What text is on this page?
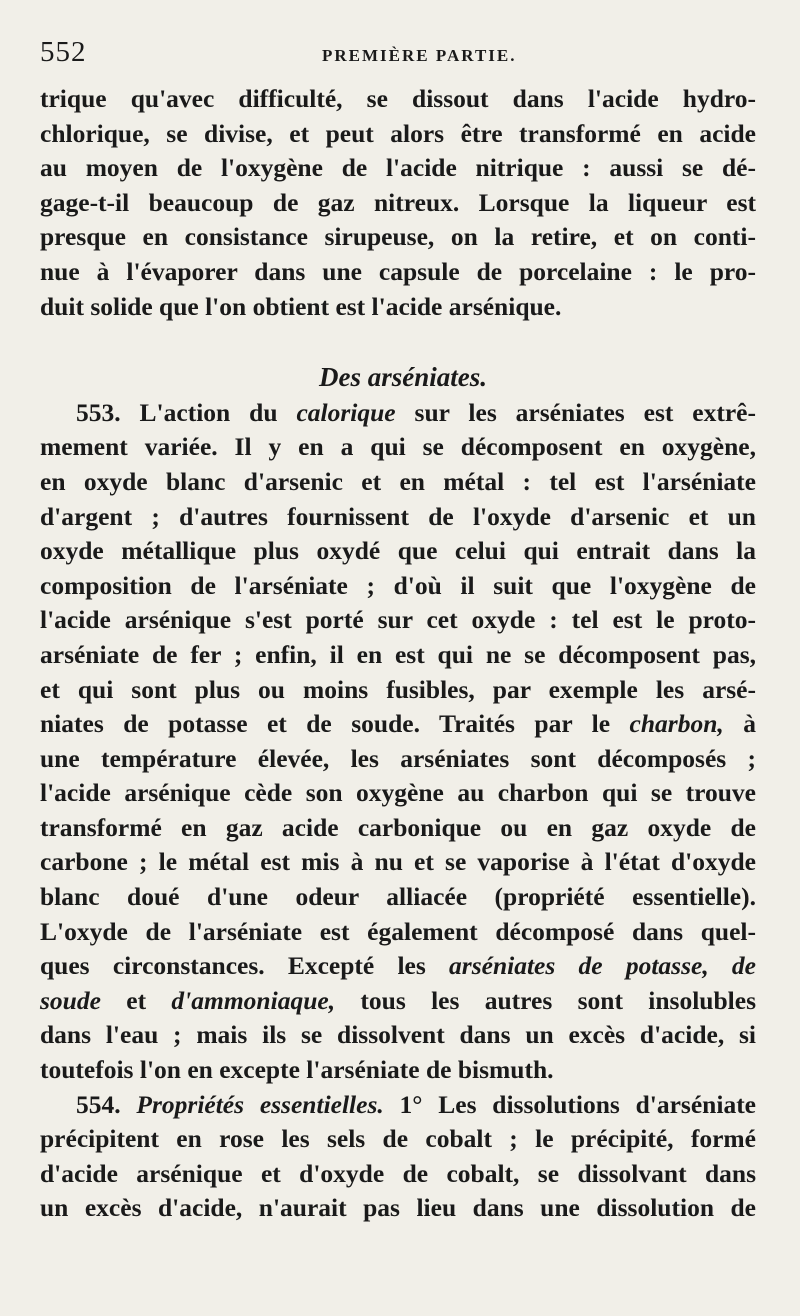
552	PREMIÈRE PARTIE.
trique qu'avec difficulté, se dissout dans l'acide hydro-
chlorique, se divise, et peut alors être transformé en acide
au moyen de l'oxygène de l'acide nitrique : aussi se dé-
gage-t-il beaucoup de gaz nitreux. Lorsque la liqueur est
presque en consistance sirupeuse, on la retire, et on conti-
nue à l'évaporer dans une capsule de porcelaine : le pro-
duit solide que l'on obtient est l'acide arsénique.
Des arséniates.
553. L'action du calorique sur les arséniates est extrê-
mement variée. Il y en a qui se décomposent en oxygène,
en oxyde blanc d'arsenic et en métal : tel est l'arséniate
d'argent ; d'autres fournissent de l'oxyde d'arsenic et un
oxyde métallique plus oxydé que celui qui entrait dans la
composition de l'arséniate ; d'où il suit que l'oxygène de
l'acide arsénique s'est porté sur cet oxyde : tel est le proto-
arséniate de fer ; enfin, il en est qui ne se décomposent pas,
et qui sont plus ou moins fusibles, par exemple les arsé-
niates de potasse et de soude. Traités par le charbon, à
une température élevée, les arséniates sont décomposés ;
l'acide arsénique cède son oxygène au charbon qui se trouve
transformé en gaz acide carbonique ou en gaz oxyde de
carbone ; le métal est mis à nu et se vaporise à l'état d'oxyde
blanc doué d'une odeur alliacée (propriété essentielle).
L'oxyde de l'arséniate est également décomposé dans quel-
ques circonstances. Excepté les arséniates de potasse, de
soude et d'ammoniaque, tous les autres sont insolubles
dans l'eau ; mais ils se dissolvent dans un excès d'acide, si
toutefois l'on en excepte l'arséniate de bismuth.
554. Propriétés essentielles. 1° Les dissolutions d'arséniate
précipitent en rose les sels de cobalt ; le précipité, formé
d'acide arsénique et d'oxyde de cobalt, se dissolvant dans
un excès d'acide, n'aurait pas lieu dans une dissolution de
